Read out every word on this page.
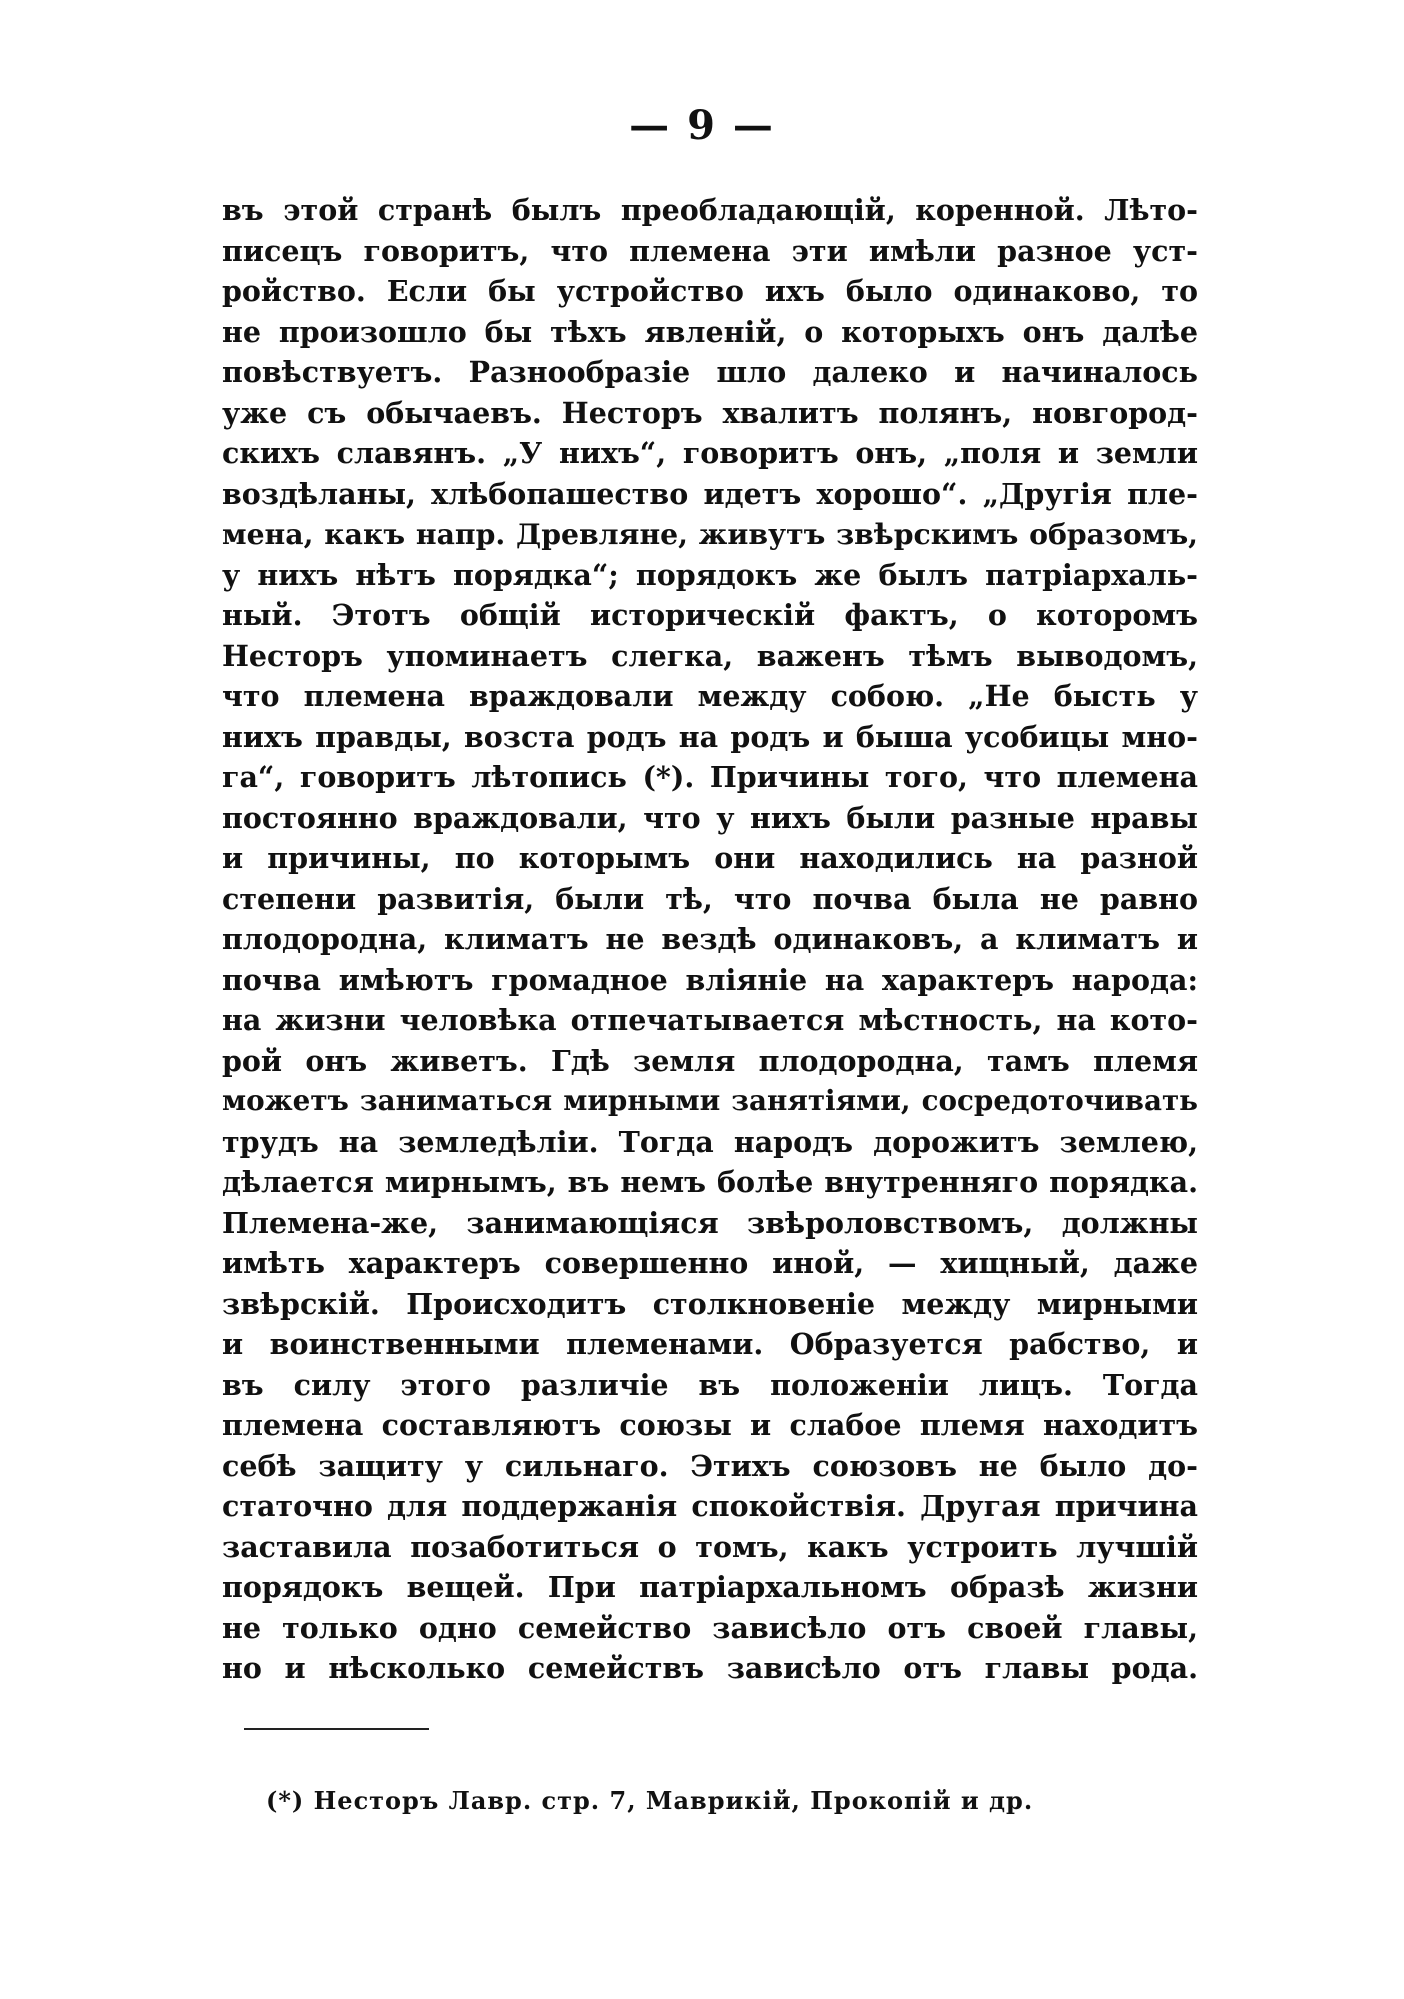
— 9 —
въ этой странѣ былъ преобладающій, коренной. Лѣто-
писецъ говоритъ, что племена эти имѣли разное уст-
ройство. Если бы устройство ихъ было одинаково, то
не произошло бы тѣхъ явленій, о которыхъ онъ далѣе
повѣствуетъ. Разнообразіе шло далеко и начиналось
уже съ обычаевъ. Несторъ хвалитъ полянъ, новгород-
скихъ славянъ. „У нихъ“, говоритъ онъ, „поля и земли
воздѣланы, хлѣбопашество идетъ хорошо“. „Другія пле-
мена, какъ напр. Древляне, живутъ звѣрскимъ образомъ,
у нихъ нѣтъ порядка“; порядокъ же былъ патріархаль-
ный. Этотъ общій историческій фактъ, о которомъ
Несторъ упоминаетъ слегка, важенъ тѣмъ выводомъ,
что племена враждовали между собою. „Не бысть у
нихъ правды, возста родъ на родъ и быша усобицы мно-
га“, говоритъ лѣтопись (*). Причины того, что племена
постоянно враждовали, что у нихъ были разные нравы
и причины, по которымъ они находились на разной
степени развитія, были тѣ, что почва была не равно
плодородна, климатъ не вездѣ одинаковъ, а климатъ и
почва имѣютъ громадное вліяніе на характеръ народа:
на жизни человѣка отпечатывается мѣстность, на кото-
рой онъ живетъ. Гдѣ земля плодородна, тамъ племя
можетъ заниматься мирными занятіями, сосредоточивать
трудъ на земледѣліи. Тогда народъ дорожитъ землею,
дѣлается мирнымъ, въ немъ болѣе внутренняго порядка.
Племена-же, занимающіяся звѣроловствомъ, должны
имѣть характеръ совершенно иной, — хищный, даже
звѣрскій. Происходитъ столкновеніе между мирными
и воинственными племенами. Образуется рабство, и
въ силу этого различіе въ положеніи лицъ. Тогда
племена составляютъ союзы и слабое племя находитъ
себѣ защиту у сильнаго. Этихъ союзовъ не было до-
статочно для поддержанія спокойствія. Другая причина
заставила позаботиться о томъ, какъ устроить лучшій
порядокъ вещей. При патріархальномъ образѣ жизни
не только одно семейство зависѣло отъ своей главы,
но и нѣсколько семействъ зависѣло отъ главы рода.
(*) Несторъ Лавр. стр. 7, Маврикій, Прокопій и др.
